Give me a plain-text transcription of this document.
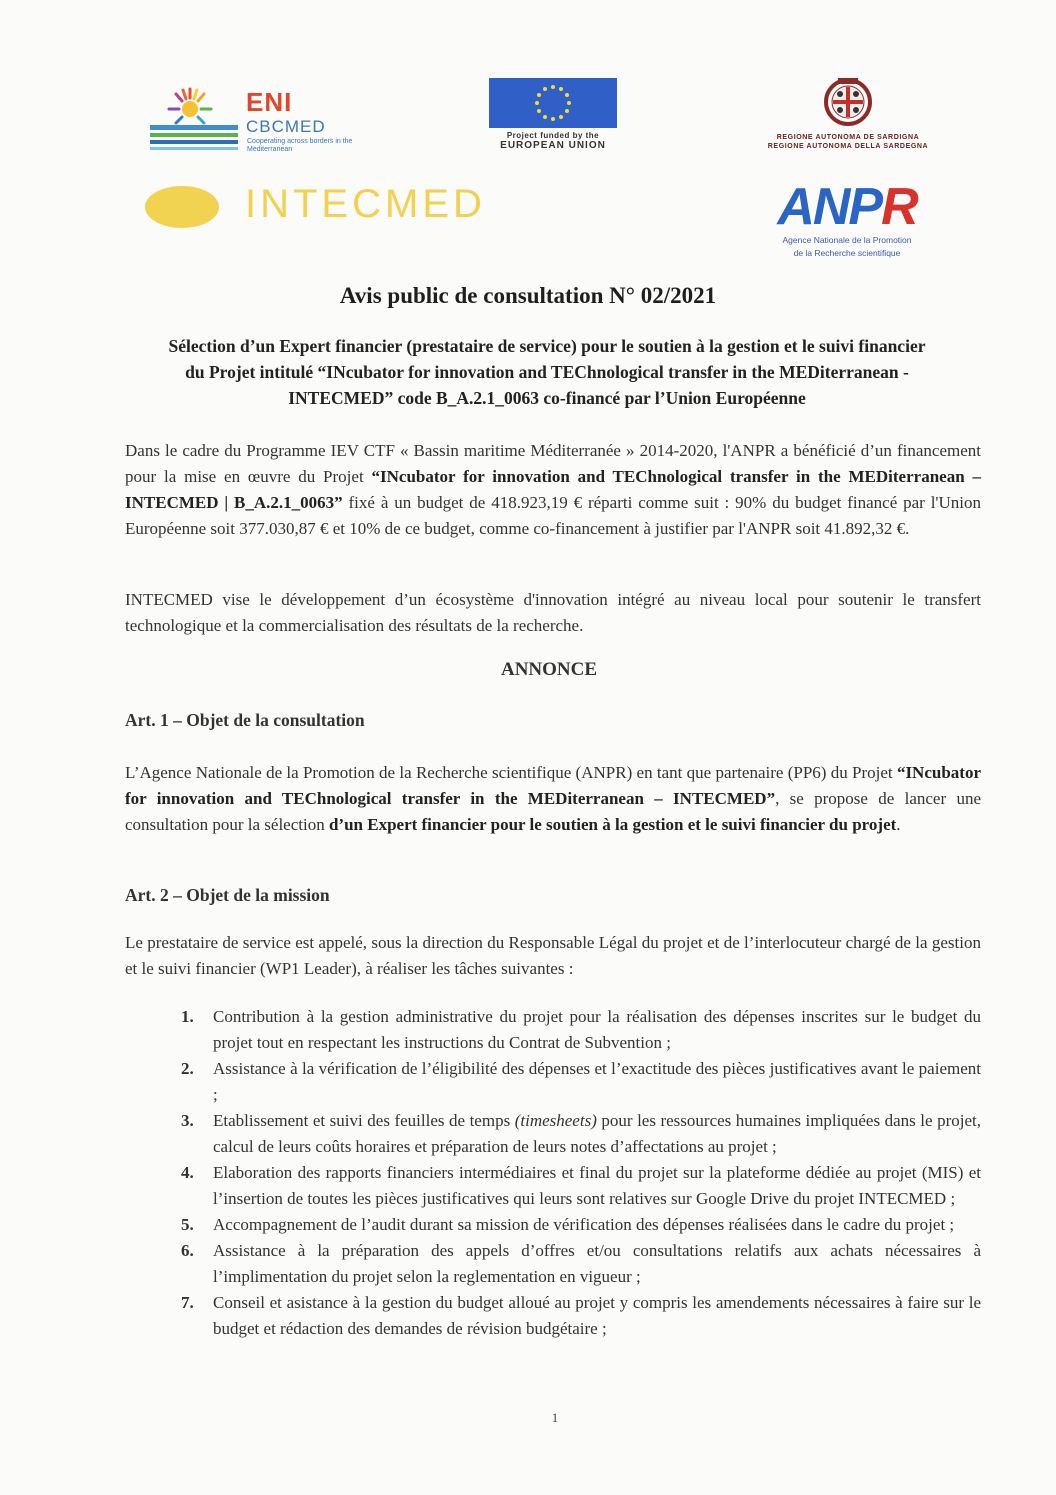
ENI
CBCMED
Cooperating across borders in the Mediterranean
Project funded by the
EUROPEAN UNION
REGIONE AUTONOMA DE SARDIGNA
REGIONE AUTONOMA DELLA SARDEGNA
INTECMED	ANPR
Agence Nationale de la Promotion
de la Recherche scientifique
Avis public de consultation N° 02/2021
Sélection d’un Expert financier (prestataire de service) pour le soutien à la gestion et le suivi financier
du Projet intitulé “INcubator for innovation and TEChnological transfer in the MEDiterranean -
INTECMED” code B_A.2.1_0063 co-financé par l’Union Européenne
Dans le cadre du Programme IEV CTF « Bassin maritime Méditerranée » 2014-2020, l'ANPR a bénéficié d’un financement pour la mise en œuvre du Projet “INcubator for innovation and TEChnological transfer in the MEDiterranean – INTECMED | B_A.2.1_0063” fixé à un budget de 418.923,19 € réparti comme suit : 90% du budget financé par l'Union Européenne soit 377.030,87 € et 10% de ce budget, comme co-financement à justifier par l'ANPR soit 41.892,32 €.
INTECMED vise le développement d’un écosystème d'innovation intégré au niveau local pour soutenir le transfert technologique et la commercialisation des résultats de la recherche.
ANNONCE
Art. 1 – Objet de la consultation
L’Agence Nationale de la Promotion de la Recherche scientifique (ANPR) en tant que partenaire (PP6) du Projet “INcubator for innovation and TEChnological transfer in the MEDiterranean – INTECMED”, se propose de lancer une consultation pour la sélection d’un Expert financier pour le soutien à la gestion et le suivi financier du projet.
Art. 2 – Objet de la mission
Le prestataire de service est appelé, sous la direction du Responsable Légal du projet et de l’interlocuteur chargé de la gestion et le suivi financier (WP1 Leader), à réaliser les tâches suivantes :
1. Contribution à la gestion administrative du projet pour la réalisation des dépenses inscrites sur le budget du projet tout en respectant les instructions du Contrat de Subvention ;
2. Assistance à la vérification de l’éligibilité des dépenses et l’exactitude des pièces justificatives avant le paiement ;
3. Etablissement et suivi des feuilles de temps (timesheets) pour les ressources humaines impliquées dans le projet, calcul de leurs coûts horaires et préparation de leurs notes d’affectations au projet ;
4. Elaboration des rapports financiers intermédiaires et final du projet sur la plateforme dédiée au projet (MIS) et l’insertion de toutes les pièces justificatives qui leurs sont relatives sur Google Drive du projet INTECMED ;
5. Accompagnement de l’audit durant sa mission de vérification des dépenses réalisées dans le cadre du projet ;
6. Assistance à la préparation des appels d’offres et/ou consultations relatifs aux achats nécessaires à l’implimentation du projet selon la reglementation en vigueur ;
7. Conseil et asistance à la gestion du budget alloué au projet y compris les amendements nécessaires à faire sur le budget et rédaction des demandes de révision budgétaire ;
1
